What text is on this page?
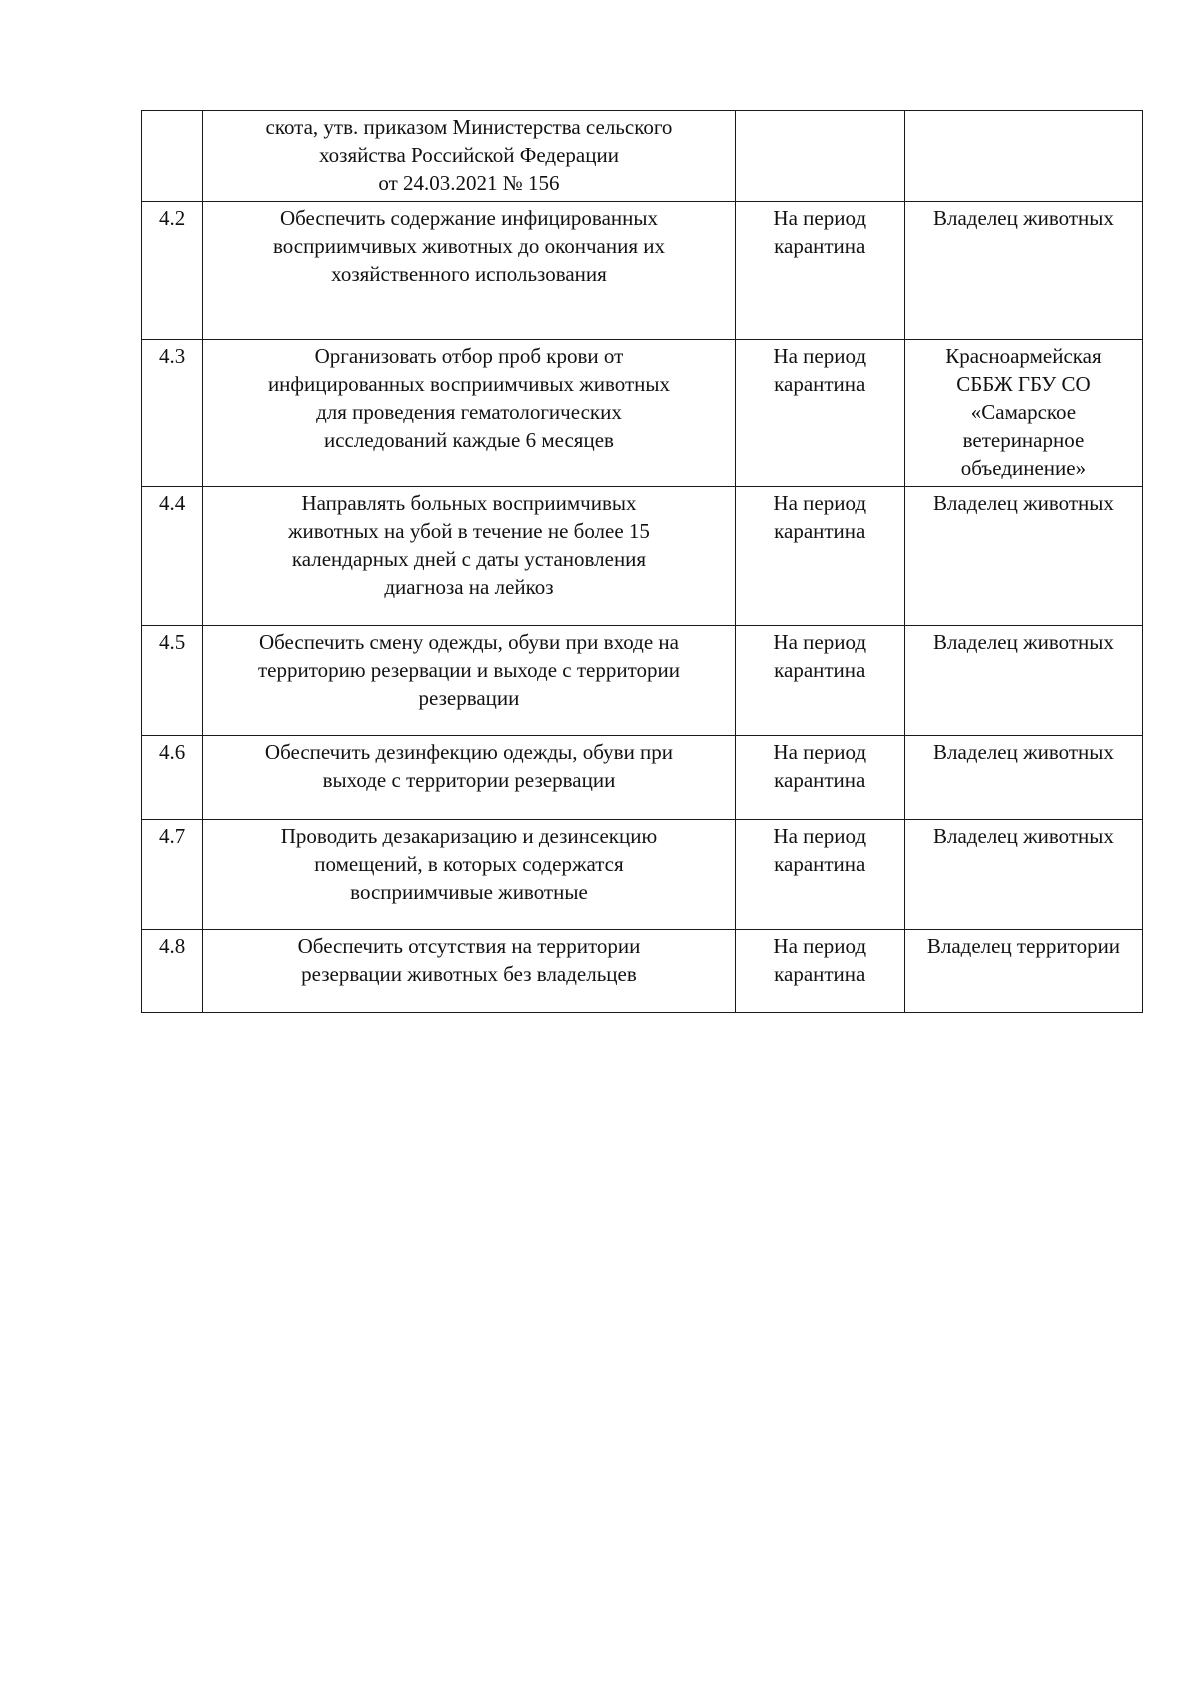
	скота, утв. приказом Министерства сельского
хозяйства Российской Федерации
от 24.03.2021 № 156		
4.2	Обеспечить содержание инфицированных
восприимчивых животных до окончания их
хозяйственного использования	На период
карантина	Владелец животных
4.3	Организовать отбор проб крови от
инфицированных восприимчивых животных
для проведения гематологических
исследований каждые 6 месяцев	На период
карантина	Красноармейская
СББЖ ГБУ СО
«Самарское
ветеринарное
объединение»
4.4	Направлять больных восприимчивых
животных на убой в течение не более 15
календарных дней с даты установления
диагноза на лейкоз	На период
карантина	Владелец животных
4.5	Обеспечить смену одежды, обуви при входе на
территорию резервации и выходе с территории
резервации	На период
карантина	Владелец животных
4.6	Обеспечить дезинфекцию одежды, обуви при
выходе с территории резервации	На период
карантина	Владелец животных
4.7	Проводить дезакаризацию и дезинсекцию
помещений, в которых содержатся
восприимчивые животные	На период
карантина	Владелец животных
4.8	Обеспечить отсутствия на территории
резервации животных без владельцев	На период
карантина	Владелец территории
